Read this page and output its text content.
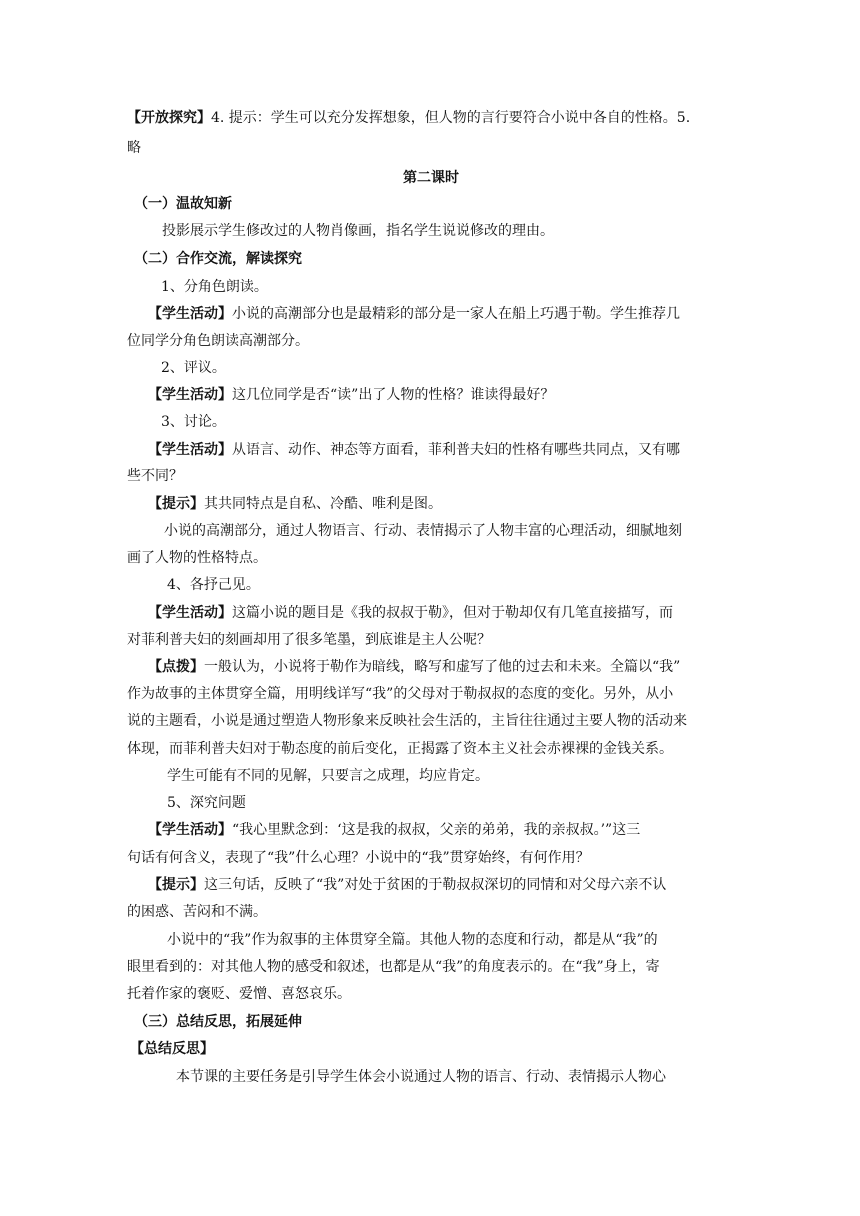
【开放探究】4. 提示：学生可以充分发挥想象，但人物的言行要符合小说中各自的性格。5.
略
第二课时
（一）温故知新
投影展示学生修改过的人物肖像画，指名学生说说修改的理由。
（二）合作交流，解读探究
1、分角色朗读。
【学生活动】小说的高潮部分也是最精彩的部分是一家人在船上巧遇于勒。学生推荐几
位同学分角色朗读高潮部分。
2、评议。
【学生活动】这几位同学是否“读”出了人物的性格？谁读得最好？
3、讨论。
【学生活动】从语言、动作、神态等方面看，菲利普夫妇的性格有哪些共同点，又有哪
些不同？
【提示】其共同特点是自私、冷酷、唯利是图。
小说的高潮部分，通过人物语言、行动、表情揭示了人物丰富的心理活动，细腻地刻
画了人物的性格特点。
4、各抒己见。
【学生活动】这篇小说的题目是《我的叔叔于勒》，但对于勒却仅有几笔直接描写，而
对菲利普夫妇的刻画却用了很多笔墨，到底谁是主人公呢？
【点拨】一般认为，小说将于勒作为暗线，略写和虚写了他的过去和未来。全篇以“我”
作为故事的主体贯穿全篇，用明线详写“我”的父母对于勒叔叔的态度的变化。另外，从小
说的主题看，小说是通过塑造人物形象来反映社会生活的，主旨往往通过主要人物的活动来
体现，而菲利普夫妇对于勒态度的前后变化，正揭露了资本主义社会赤裸裸的金钱关系。
学生可能有不同的见解，只要言之成理，均应肯定。
5、深究问题
【学生活动】“我心里默念到：‘这是我的叔叔，父亲的弟弟，我的亲叔叔。’”这三
句话有何含义，表现了“我”什么心理？小说中的“我”贯穿始终，有何作用？
【提示】这三句话，反映了“我”对处于贫困的于勒叔叔深切的同情和对父母六亲不认
的困惑、苦闷和不满。
小说中的“我”作为叙事的主体贯穿全篇。其他人物的态度和行动，都是从“我”的
眼里看到的：对其他人物的感受和叙述，也都是从“我”的角度表示的。在“我”身上，寄
托着作家的褒贬、爱憎、喜怒哀乐。
（三）总结反思，拓展延伸
【总结反思】
本节课的主要任务是引导学生体会小说通过人物的语言、行动、表情揭示人物心
